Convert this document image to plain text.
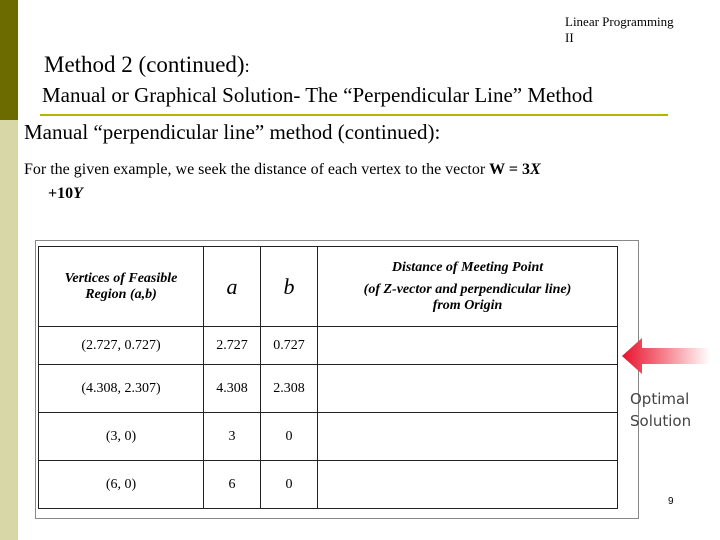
Linear Programming
II
Method 2 (continued):
Manual or Graphical Solution- The “Perpendicular Line” Method
Manual “perpendicular line” method (continued):
For the given example, we seek the distance of each vertex to the vector W = 3X
+10Y
Vertices of Feasible Region (a,b)	a	b	Distance of Meeting Point
(of Z-vector and perpendicular line)
from Origin

(2.727, 0.727)	2.727	0.727	
(4.308, 2.307)	4.308	2.308	
(3, 0)	3	0	
(6, 0)	6	0	
Optimal
Solution
9
